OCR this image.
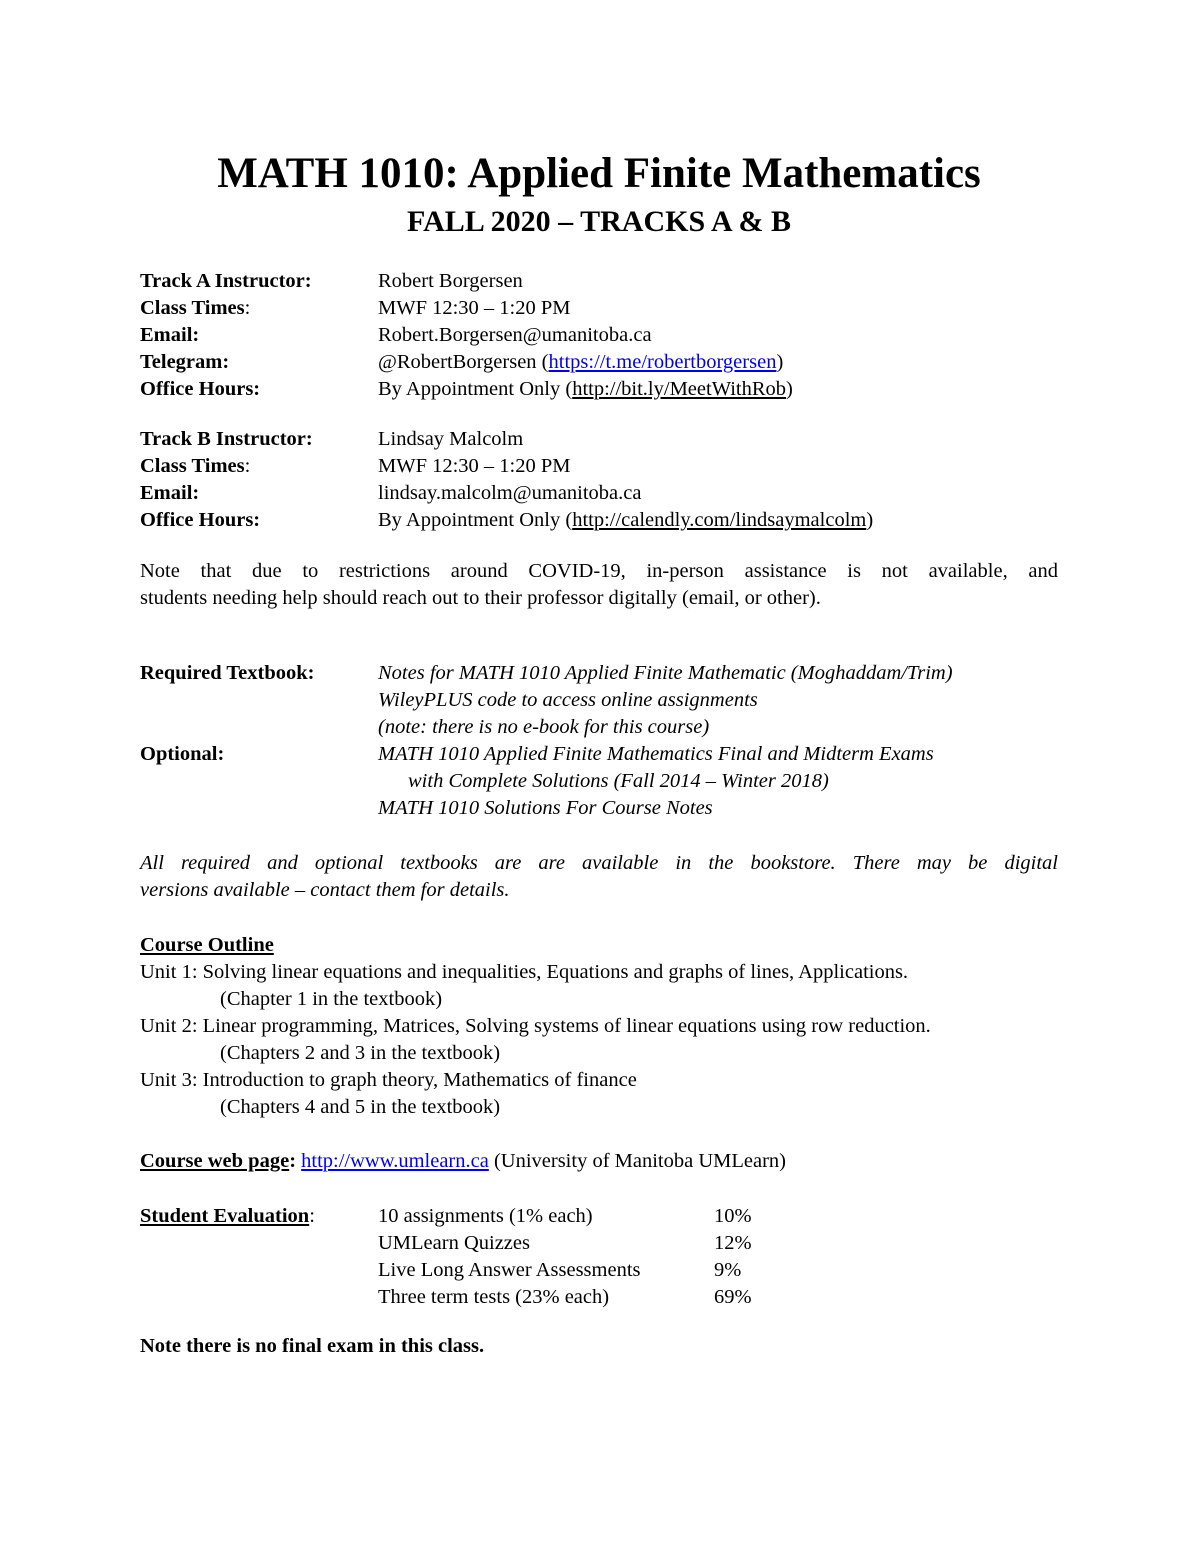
MATH 1010: Applied Finite Mathematics
FALL 2020 – TRACKS A & B
Track A Instructor:	Robert Borgersen
Class Times:	MWF 12:30 – 1:20 PM
Email:	Robert.Borgersen@umanitoba.ca
Telegram:	@RobertBorgersen (https://t.me/robertborgersen)
Office Hours:	By Appointment Only (http://bit.ly/MeetWithRob)
Track B Instructor:	Lindsay Malcolm
Class Times:	MWF 12:30 – 1:20 PM
Email:	lindsay.malcolm@umanitoba.ca
Office Hours:	By Appointment Only (http://calendly.com/lindsaymalcolm)
Note that due to restrictions around COVID-19, in-person assistance is not available, and
students needing help should reach out to their professor digitally (email, or other).
Required Textbook:	Notes for MATH 1010 Applied Finite Mathematic (Moghaddam/Trim)
WileyPLUS code to access online assignments
(note: there is no e-book for this course)
Optional:	MATH 1010 Applied Finite Mathematics Final and Midterm Exams
with Complete Solutions (Fall 2014 – Winter 2018)
MATH 1010 Solutions For Course Notes
All required and optional textbooks are are available in the bookstore. There may be digital
versions available – contact them for details.
Course Outline
Unit 1: Solving linear equations and inequalities, Equations and graphs of lines, Applications.
(Chapter 1 in the textbook)
Unit 2: Linear programming, Matrices, Solving systems of linear equations using row reduction.
(Chapters 2 and 3 in the textbook)
Unit 3: Introduction to graph theory, Mathematics of finance
(Chapters 4 and 5 in the textbook)
Course web page: http://www.umlearn.ca (University of Manitoba UMLearn)
Student Evaluation:	10 assignments (1% each)	10%
UMLearn Quizzes	12%
Live Long Answer Assessments	9%
Three term tests (23% each)	69%
Note there is no final exam in this class.
